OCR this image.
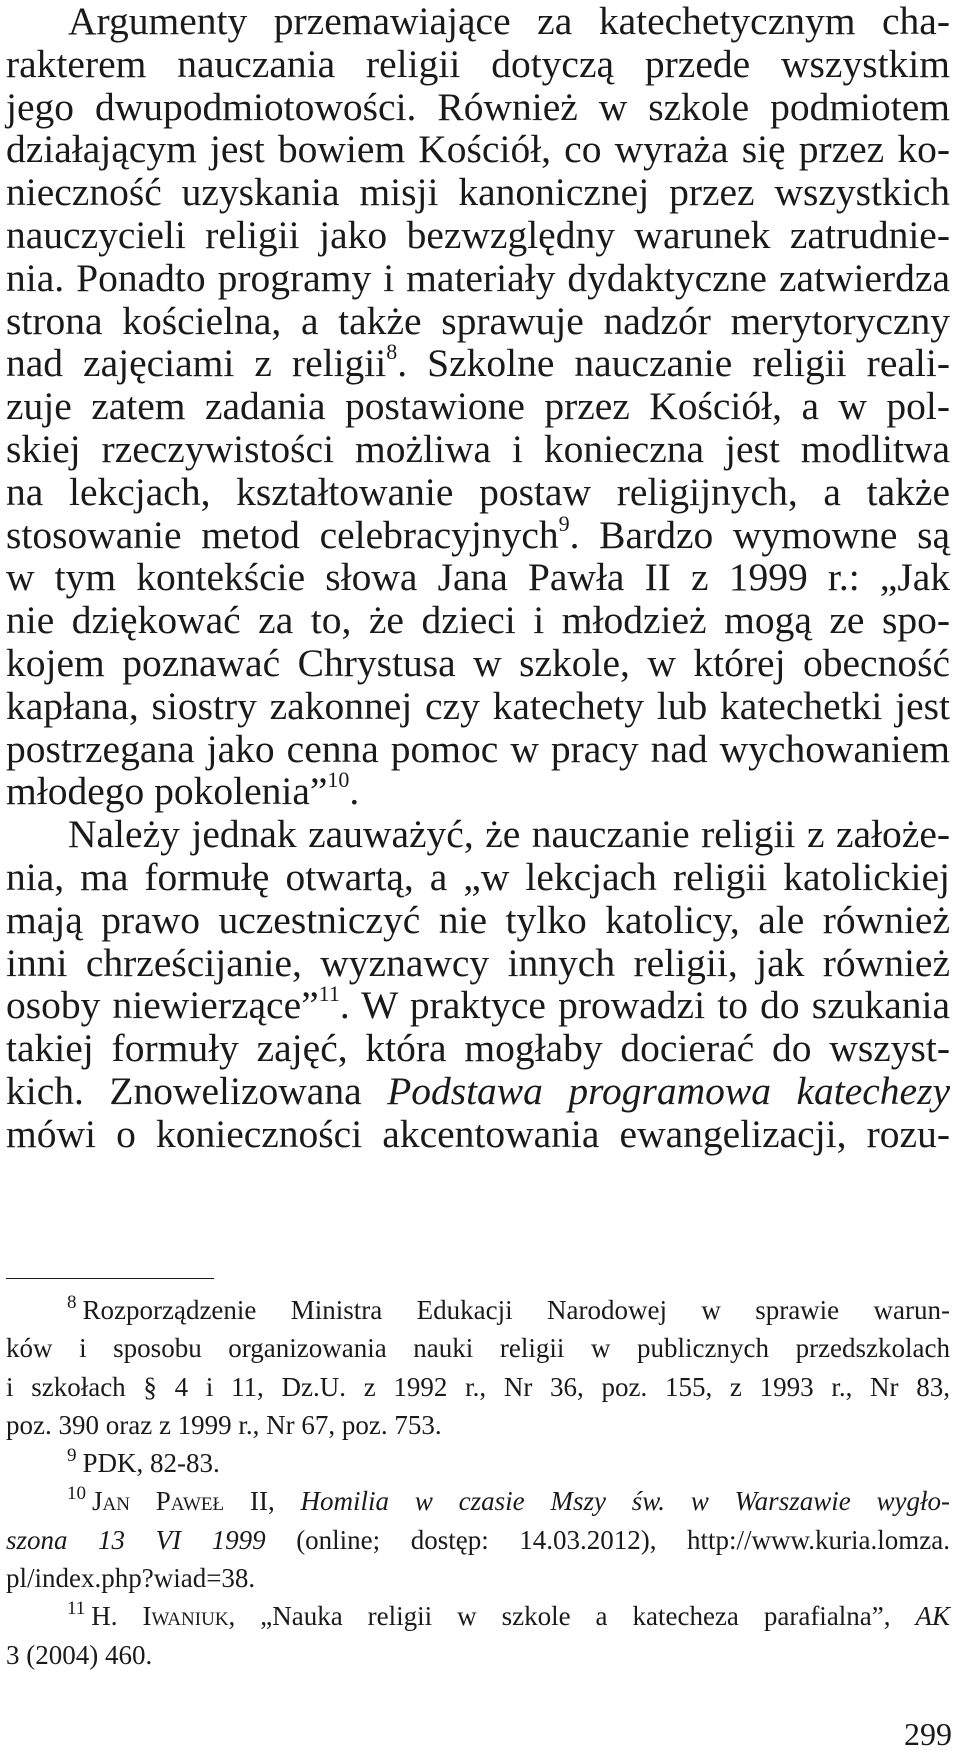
Argumenty przemawiające za katechetycznym cha-
rakterem nauczania religii dotyczą przede wszystkim
jego dwupodmiotowości. Również w szkole podmiotem
działającym jest bowiem Kościół, co wyraża się przez ko-
nieczność uzyskania misji kanonicznej przez wszystkich
nauczycieli religii jako bezwzględny warunek zatrudnie-
nia. Ponadto programy i materiały dydaktyczne zatwierdza
strona kościelna, a także sprawuje nadzór merytoryczny
nad zajęciami z religii$^8$. Szkolne nauczanie religii reali-
zuje zatem zadania postawione przez Kościół, a w pol-
skiej rzeczywistości możliwa i konieczna jest modlitwa
na lekcjach, kształtowanie postaw religijnych, a także
stosowanie metod celebracyjnych$^9$. Bardzo wymowne są
w tym kontekście słowa Jana Pawła II z 1999 r.: „Jak
nie dziękować za to, że dzieci i młodzież mogą ze spo-
kojem poznawać Chrystusa w szkole, w której obecność
kapłana, siostry zakonnej czy katechety lub katechetki jest
postrzegana jako cenna pomoc w pracy nad wychowaniem
młodego pokolenia”$^{10}$.
Należy jednak zauważyć, że nauczanie religii z założe-
nia, ma formułę otwartą, a „w lekcjach religii katolickiej
mają prawo uczestniczyć nie tylko katolicy, ale również
inni chrześcijanie, wyznawcy innych religii, jak również
osoby niewierzące”$^{11}$. W praktyce prowadzi to do szukania
takiej formuły zajęć, która mogłaby docierać do wszyst-
kich. Znowelizowana Podstawa programowa katechezy
mówi o konieczności akcentowania ewangelizacji, rozu-
$^8$ Rozporządzenie Ministra Edukacji Narodowej w sprawie warun-
ków i sposobu organizowania nauki religii w publicznych przedszkolach
i szkołach § 4 i 11, Dz.U. z 1992 r., Nr 36, poz. 155, z 1993 r., Nr 83,
poz. 390 oraz z 1999 r., Nr 67, poz. 753.
$^9$ PDK, 82-83.
$^{10}$ Jan Paweł II, Homilia w czasie Mszy św. w Warszawie wygło-
szona 13 VI 1999 (online; dostęp: 14.03.2012), http://www.kuria.lomza.
pl/index.php?wiad=38.
$^{11}$ H. Iwaniuk, „Nauka religii w szkole a katecheza parafialna”, AK
3 (2004) 460.
299
